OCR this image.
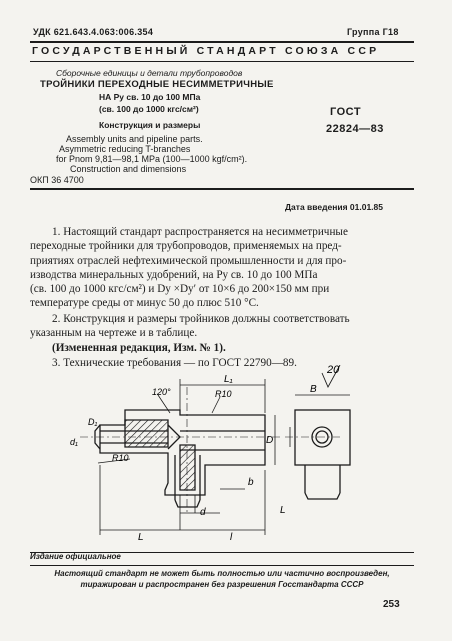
УДК 621.643.4.063:006.354	Группа Г18
ГОСУДАРСТВЕННЫЙ СТАНДАРТ СОЮЗА ССР
Сборочные единицы и детали трубопроводов
ТРОЙНИКИ ПЕРЕХОДНЫЕ НЕСИММЕТРИЧНЫЕ
НА Pу св. 10 до 100 МПа
(св. 100 до 1000 кгс/см²)
Конструкция и размеры
ГОСТ
22824—83
Assembly units and pipeline parts.
Asymmetric reducing T-branches
for Pnom 9,81—98,1 MPa (100—1000 kgf/cm²).
Construction and dimensions
ОКП 36 4700
Дата введения 01.01.85
1. Настоящий стандарт распространяется на несимметричные
переходные тройники для трубопроводов, применяемых на пред-
приятиях отраслей нефтехимической промышленности и для про-
изводства минеральных удобрений, на Pу св. 10 до 100 МПа
(св. 100 до 1000 кгс/см²) и Dу ×Dу′ от 10×6 до 200×150 мм при
температуре среды от минус 50 до плюс 510 °С.
2. Конструкция и размеры тройников должны соответствовать
указанным на чертеже и в таблице.
(Измененная редакция, Изм. № 1).
3. Технические требования — по ГОСТ 22790—89.
L₁
L	l
d
D
d₁
D₁
120°	R10
R10
B
20
L
b
Издание официальное
Настоящий стандарт не может быть полностью или частично воспроизведен,
тиражирован и распространен без разрешения Госстандарта СССР
253
